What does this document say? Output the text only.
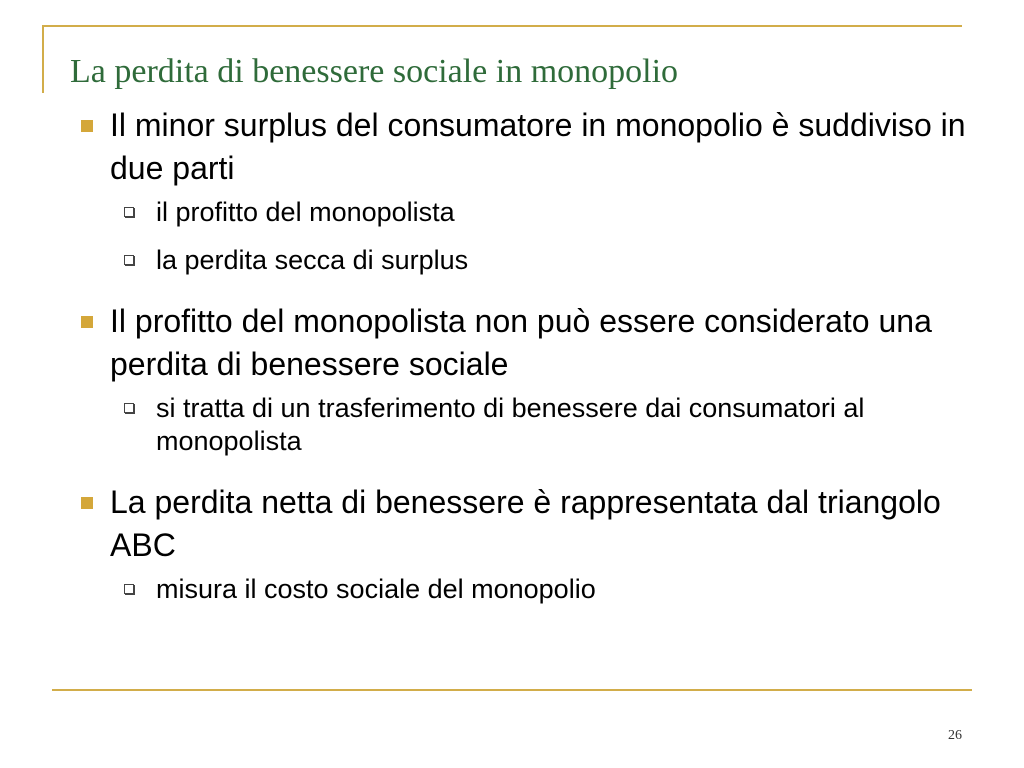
La perdita di benessere sociale in monopolio
Il minor surplus del consumatore in monopolio è suddiviso in due parti
il profitto del monopolista
la perdita secca di surplus
Il profitto del monopolista non può essere considerato una perdita di benessere sociale
si tratta di un trasferimento di benessere dai consumatori al monopolista
La perdita netta di benessere è rappresentata dal triangolo ABC
misura il costo sociale del monopolio
26
